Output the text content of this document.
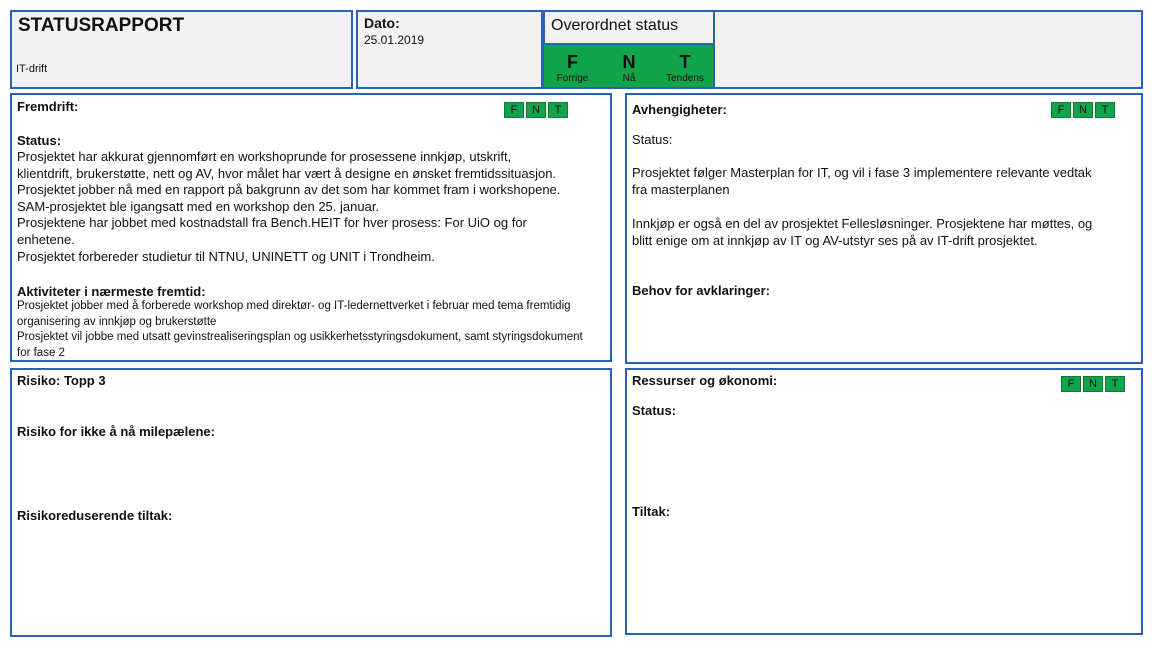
STATUSRAPPORT
IT-drift
Dato:
25.01.2019
Overordnet status
F
Forrige
N
Nå
T
Tendens
Fremdrift:	F	N	T
Status:
Prosjektet har akkurat gjennomført en workshoprunde for prosessene innkjøp, utskrift,
klientdrift, brukerstøtte, nett og AV, hvor målet har vært å designe en ønsket fremtidssituasjon.
Prosjektet jobber nå med en rapport på bakgrunn av det som har kommet fram i workshopene.
SAM-prosjektet ble igangsatt med en workshop den 25. januar.
Prosjektene har jobbet med kostnadstall fra Bench.HEIT for hver prosess: For UiO og for
enhetene.
Prosjektet forbereder studietur til NTNU, UNINETT og UNIT i Trondheim.
Aktiviteter i nærmeste fremtid:
Prosjektet jobber med å forberede workshop med direktør- og IT-ledernettverket i februar med tema fremtidig
organisering av innkjøp og brukerstøtte
Prosjektet vil jobbe med utsatt gevinstrealiseringsplan og usikkerhetsstyringsdokument, samt styringsdokument
for fase 2
Avhengigheter:	F	N	T
Status:
Prosjektet følger Masterplan for IT, og vil i fase 3 implementere relevante vedtak
fra masterplanen
Innkjøp er også en del av prosjektet Fellesløsninger. Prosjektene har møttes, og
blitt enige om at innkjøp av IT og AV-utstyr ses på av IT-drift prosjektet.
Behov for avklaringer:
Risiko: Topp 3
Risiko for ikke å nå milepælene:
Risikoreduserende tiltak:
Ressurser og økonomi:	F	N	T
Status:
Tiltak:
